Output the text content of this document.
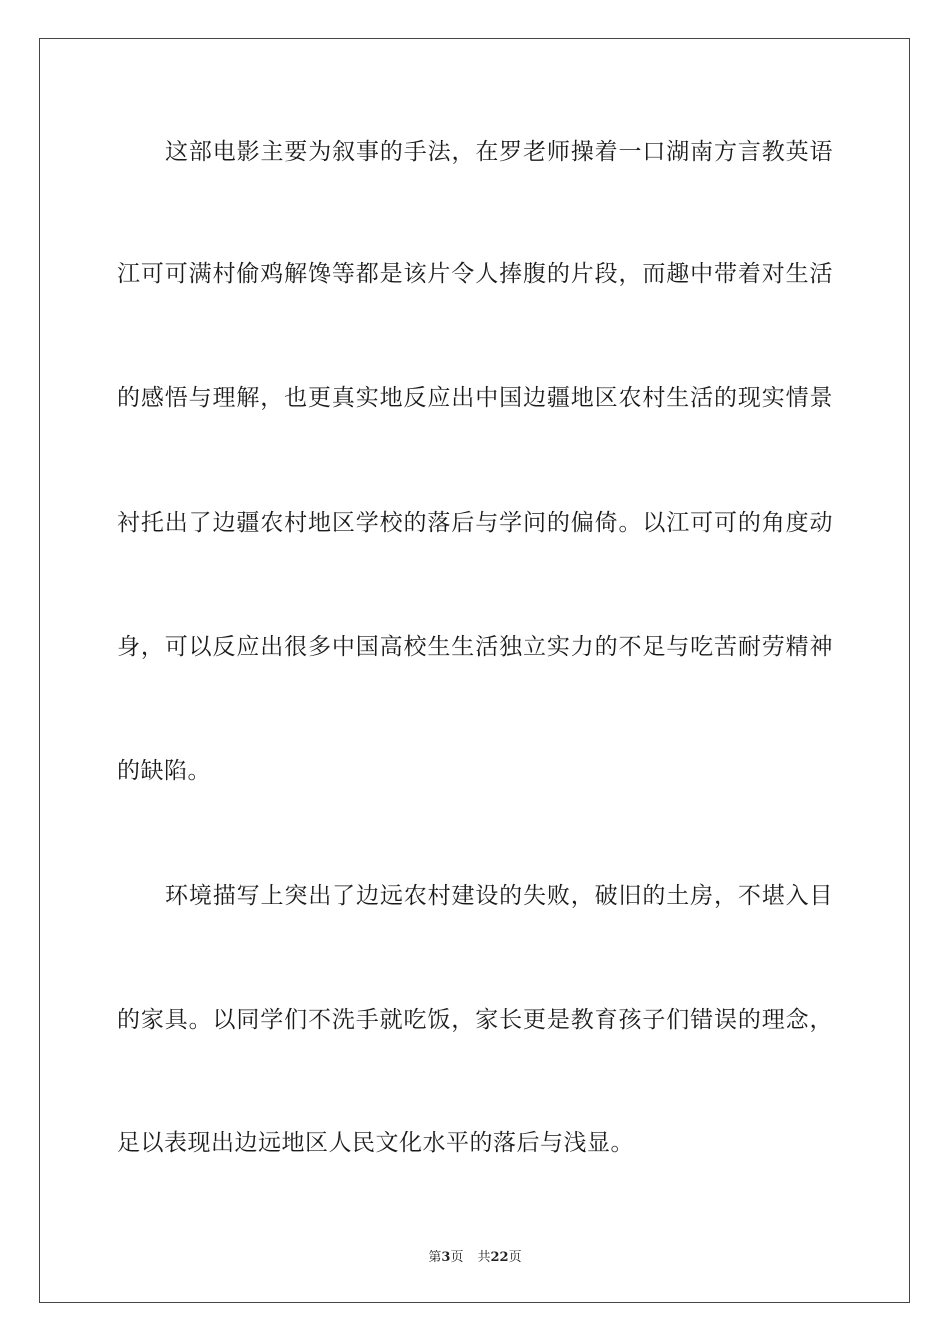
这部电影主要为叙事的手法，在罗老师操着一口湖南方言教英语
江可可满村偷鸡解馋等都是该片令人捧腹的片段，而趣中带着对生活
的感悟与理解，也更真实地反应出中国边疆地区农村生活的现实情景
衬托出了边疆农村地区学校的落后与学问的偏倚。以江可可的角度动
身，可以反应出很多中国高校生生活独立实力的不足与吃苦耐劳精神
的缺陷。
环境描写上突出了边远农村建设的失败，破旧的土房，不堪入目
的家具。以同学们不洗手就吃饭，家长更是教育孩子们错误的理念，
足以表现出边远地区人民文化水平的落后与浅显。
第3页 共22页
